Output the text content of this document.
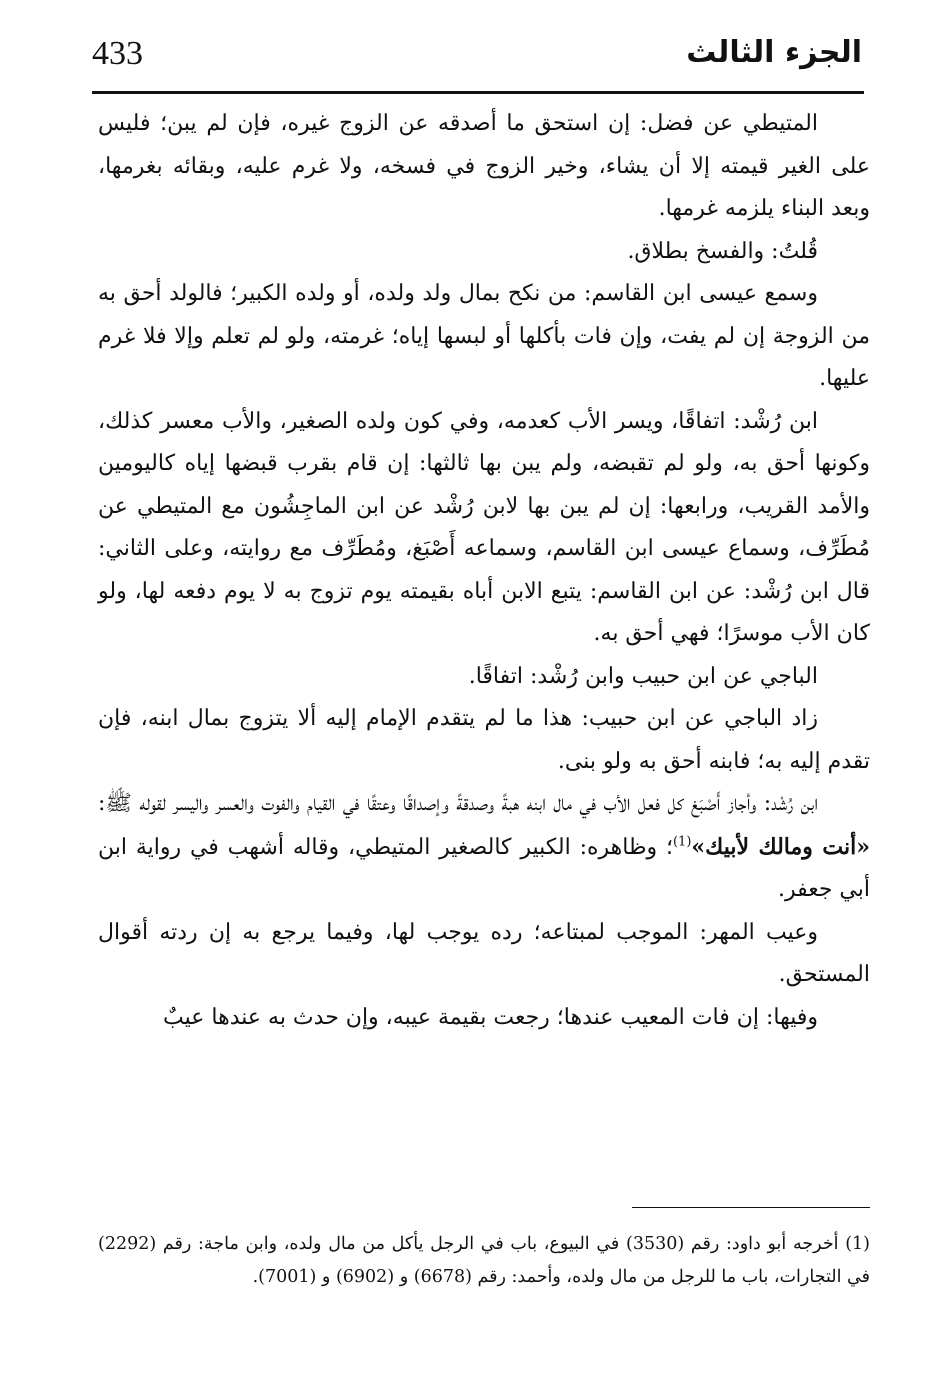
433	الجزء الثالث

المتيطي عن فضل: إن استحق ما أصدقه عن الزوج غيره، فإن لم يبن؛ فليس على الغير قيمته إلا أن يشاء، وخير الزوج في فسخه، ولا غرم عليه، وبقائه بغرمها، وبعد البناء يلزمه غرمها.

قُلتُ: والفسخ بطلاق.

وسمع عيسى ابن القاسم: من نكح بمال ولد ولده، أو ولده الكبير؛ فالولد أحق به من الزوجة إن لم يفت، وإن فات بأكلها أو لبسها إياه؛ غرمته، ولو لم تعلم وإلا فلا غرم عليها.

ابن رُشْد: اتفاقًا، ويسر الأب كعدمه، وفي كون ولده الصغير، والأب معسر كذلك، وكونها أحق به، ولو لم تقبضه، ولم يبن بها ثالثها: إن قام بقرب قبضها إياه كاليومين والأمد القريب، ورابعها: إن لم يبن بها لابن رُشْد عن ابن الماجِشُون مع المتيطي عن مُطَرِّف، وسماع عيسى ابن القاسم، وسماعه أَصْبَغ، ومُطَرِّف مع روايته، وعلى الثاني: قال ابن رُشْد: عن ابن القاسم: يتبع الابن أباه بقيمته يوم تزوج به لا يوم دفعه لها، ولو كان الأب موسرًا؛ فهي أحق به.

الباجي عن ابن حبيب وابن رُشْد: اتفاقًا.

زاد الباجي عن ابن حبيب: هذا ما لم يتقدم الإمام إليه ألا يتزوج بمال ابنه، فإن تقدم إليه به؛ فابنه أحق به ولو بنى.

ابن رُشْد: وأجاز أَصْبَغ كل فعل الأب في مال ابنه هبةً وصدقةً وإصداقًا وعتقًا في القيام والفوت والعسر واليسر لقوله ﷺ: «أنت ومالك لأبيك»$^{(1)}$؛ وظاهره: الكبير كالصغير المتيطي، وقاله أشهب في رواية ابن أبي جعفر.

وعيب المهر: الموجب لمبتاعه؛ رده يوجب لها، وفيما يرجع به إن ردته أقوال المستحق.

وفيها: إن فات المعيب عندها؛ رجعت بقيمة عيبه، وإن حدث به عندها عيبٌ

(1) أخرجه أبو داود: رقم (3530) في البيوع، باب في الرجل يأكل من مال ولده، وابن ماجة: رقم (2292) في التجارات، باب ما للرجل من مال ولده، وأحمد: رقم (6678) و (6902) و (7001).
